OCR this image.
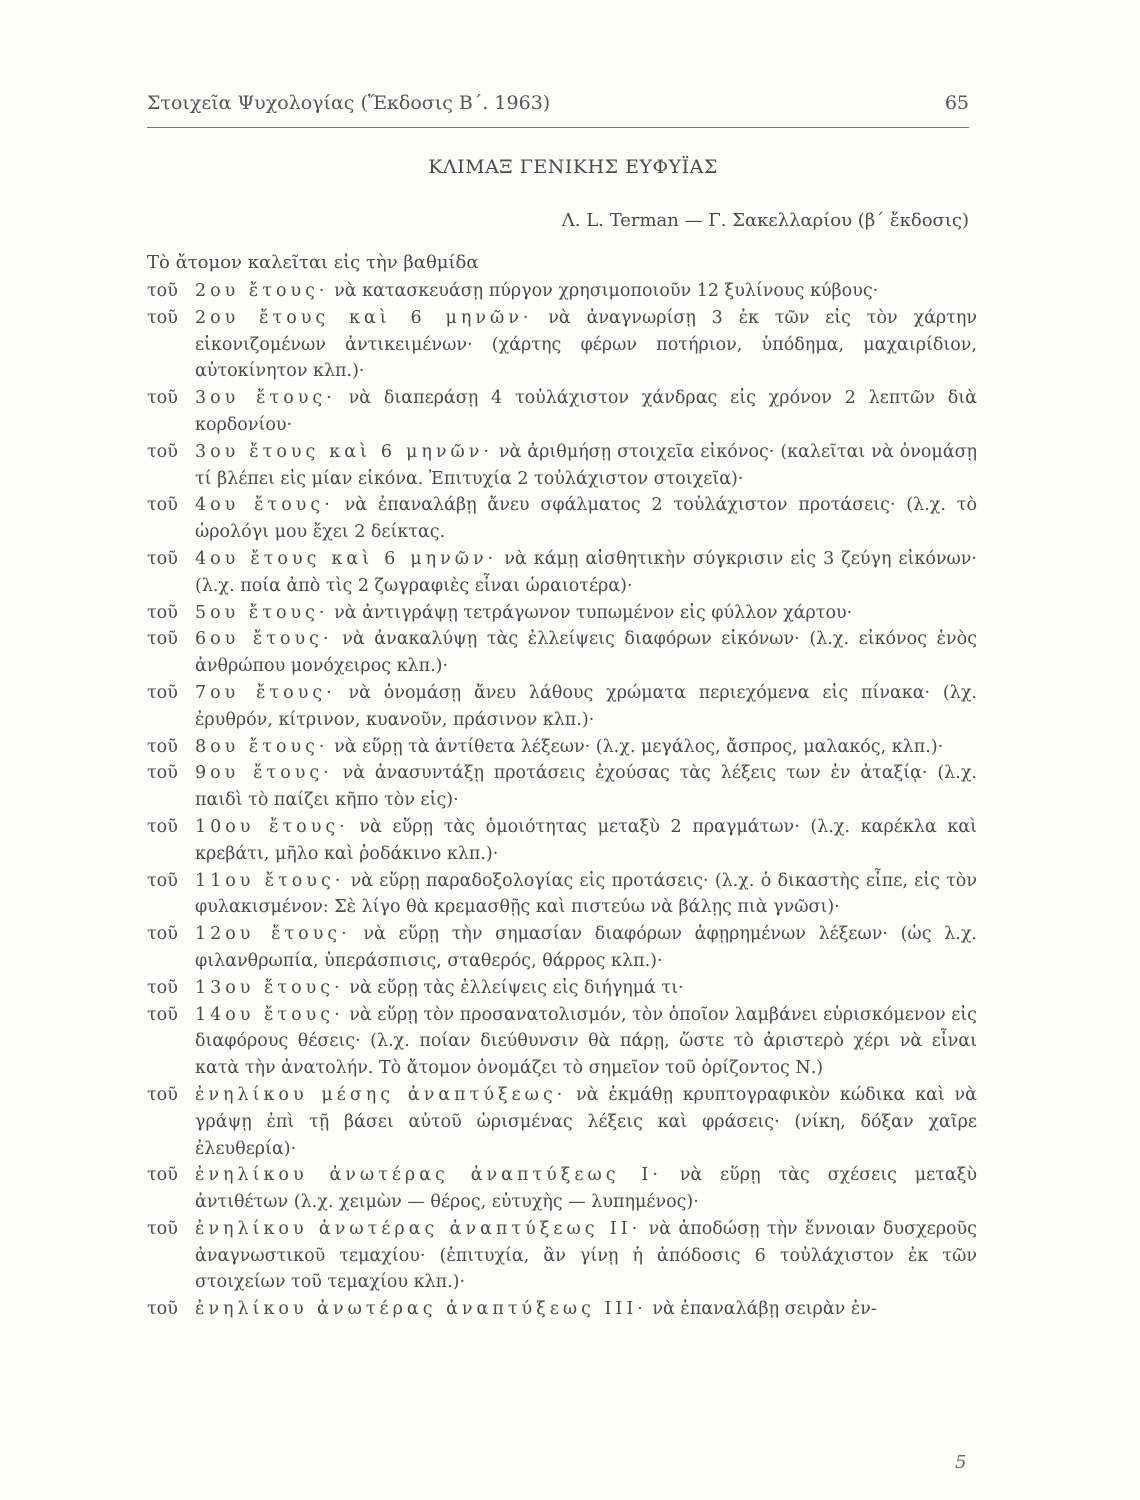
Στοιχεῖα Ψυχολογίας (Ἔκδοσις Β΄. 1963)	65
ΚΛΙΜΑΞ ΓΕΝΙΚΗΣ ΕΥΦΥΪΑΣ
Λ. L. Terman — Γ. Σακελλαρίου (β΄ ἔκδοσις)
Τὸ ἄτομον καλεῖται εἰς τὴν βαθμίδα
τοῦ 2ου ἔτους· νὰ κατασκευάσῃ πύργον χρησιμοποιοῦν 12 ξυλίνους κύβους·
τοῦ 2ου ἔτους καὶ 6 μηνῶν· νὰ ἀναγνωρίσῃ 3 ἐκ τῶν εἰς τὸν χάρτην εἰκονιζομένων ἀντικειμένων· (χάρτης φέρων ποτήριον, ὑπόδημα, μαχαιρίδιον, αὐτοκίνητον κλπ.)·
τοῦ 3ου ἔτους· νὰ διαπεράσῃ 4 τοὐλάχιστον χάνδρας εἰς χρόνον 2 λεπτῶν διὰ κορδονίου·
τοῦ 3ου ἔτους καὶ 6 μηνῶν· νὰ ἀριθμήσῃ στοιχεῖα εἰκόνος· (καλεῖται νὰ ὀνομάσῃ τί βλέπει εἰς μίαν εἰκόνα. Ἐπιτυχία 2 τοὐλάχιστον στοιχεῖα)·
τοῦ 4ου ἔτους· νὰ ἐπαναλάβῃ ἄνευ σφάλματος 2 τοὐλάχιστον προτάσεις· (λ.χ. τὸ ὡρολόγι μου ἔχει 2 δείκτας.
τοῦ 4ου ἔτους καὶ 6 μηνῶν· νὰ κάμῃ αἰσθητικὴν σύγκρισιν εἰς 3 ζεύγη εἰκόνων· (λ.χ. ποία ἀπὸ τὶς 2 ζωγραφιὲς εἶναι ὡραιοτέρα)·
τοῦ 5ου ἔτους· νὰ ἀντιγράψῃ τετράγωνον τυπωμένον εἰς φύλλον χάρτου·
τοῦ 6ου ἔτους· νὰ ἀνακαλύψῃ τὰς ἐλλείψεις διαφόρων εἰκόνων· (λ.χ. εἰκόνος ἑνὸς ἀνθρώπου μονόχειρος κλπ.)·
τοῦ 7ου ἔτους· νὰ ὀνομάσῃ ἄνευ λάθους χρώματα περιεχόμενα εἰς πίνακα· (λχ. ἐρυθρόν, κίτρινον, κυανοῦν, πράσινον κλπ.)·
τοῦ 8ου ἔτους· νὰ εὕρῃ τὰ ἀντίθετα λέξεων· (λ.χ. μεγάλος, ἄσπρος, μαλακός, κλπ.)·
τοῦ 9ου ἔτους· νὰ ἀνασυντάξῃ προτάσεις ἐχούσας τὰς λέξεις των ἐν ἀταξίᾳ· (λ.χ. παιδὶ τὸ παίζει κῆπο τὸν εἰς)·
τοῦ 10ου ἔτους· νὰ εὕρῃ τὰς ὁμοιότητας μεταξὺ 2 πραγμάτων· (λ.χ. καρέκλα καὶ κρεβάτι, μῆλο καὶ ῥοδάκινο κλπ.)·
τοῦ 11ου ἔτους· νὰ εὕρῃ παραδοξολογίας εἰς προτάσεις· (λ.χ. ὁ δικαστὴς εἶπε, εἰς τὸν φυλακισμένον: Σὲ λίγο θὰ κρεμασθῇς καὶ πιστεύω νὰ βάλῃς πιὰ γνῶσι)·
τοῦ 12ου ἔτους· νὰ εὕρῃ τὴν σημασίαν διαφόρων ἀφῃρημένων λέξεων· (ὡς λ.χ. φιλανθρωπία, ὑπεράσπισις, σταθερός, θάρρος κλπ.)·
τοῦ 13ου ἔτους· νὰ εὕρῃ τὰς ἐλλείψεις εἰς διήγημά τι·
τοῦ 14ου ἔτους· νὰ εὕρῃ τὸν προσανατολισμόν, τὸν ὁποῖον λαμβάνει εὑρισκόμενον εἰς διαφόρους θέσεις· (λ.χ. ποίαν διεύθυνσιν θὰ πάρῃ, ὥστε τὸ ἀριστερὸ χέρι νὰ εἶναι κατὰ τὴν ἀνατολήν. Τὸ ἄτομον ὀνομάζει τὸ σημεῖον τοῦ ὁρίζοντος Ν.)
τοῦ ἐνηλίκου μέσης ἀναπτύξεως· νὰ ἐκμάθῃ κρυπτογραφικὸν κώδικα καὶ νὰ γράψῃ ἐπὶ τῇ βάσει αὐτοῦ ὡρισμένας λέξεις καὶ φράσεις· (νίκη, δόξαν χαῖρε ἐλευθερία)·
τοῦ ἐνηλίκου ἀνωτέρας ἀναπτύξεως Ι· νὰ εὕρῃ τὰς σχέσεις μεταξὺ ἀντιθέτων (λ.χ. χειμὼν — θέρος, εὐτυχὴς — λυπημένος)·
τοῦ ἐνηλίκου ἀνωτέρας ἀναπτύξεως ΙΙ· νὰ ἀποδώσῃ τὴν ἔννοιαν δυσχεροῦς ἀναγνωστικοῦ τεμαχίου· (ἐπιτυχία, ἂν γίνῃ ἡ ἀπόδοσις 6 τοὐλάχιστον ἐκ τῶν στοιχείων τοῦ τεμαχίου κλπ.)·
τοῦ ἐνηλίκου ἀνωτέρας ἀναπτύξεως ΙΙΙ· νὰ ἐπαναλάβῃ σειρὰν ἐν-
5
